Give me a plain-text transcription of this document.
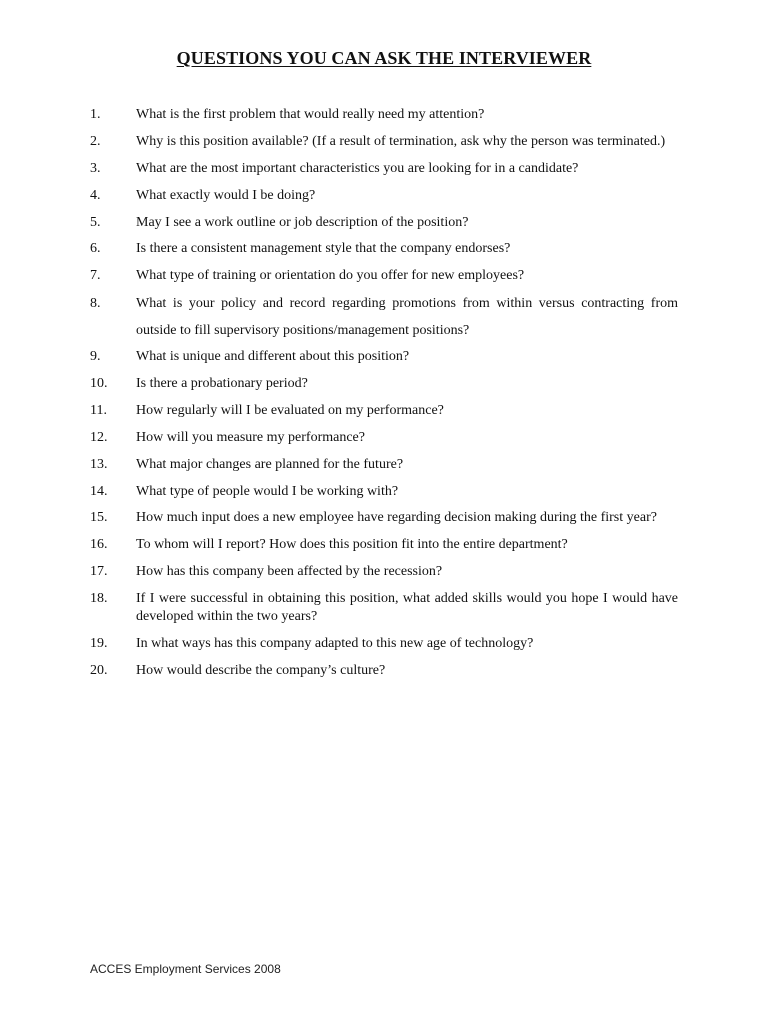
QUESTIONS YOU CAN ASK THE INTERVIEWER
1.	What is the first problem that would really need my attention?
2.	Why is this position available? (If a result of termination, ask why the person was terminated.)
3.	What are the most important characteristics you are looking for in a candidate?
4.	What exactly would I be doing?
5.	May I see a work outline or job description of the position?
6.	Is there a consistent management style that the company endorses?
7.	What type of training or orientation do you offer for new employees?
8.	What is your policy and record regarding promotions from within versus contracting from outside to fill supervisory positions/management positions?
9.	What is unique and different about this position?
10.	Is there a probationary period?
11.	How regularly will I be evaluated on my performance?
12.	How will you measure my performance?
13.	What major changes are planned for the future?
14.	What type of people would I be working with?
15.	How much input does a new employee have regarding decision making during the first year?
16.	To whom will I report? How does this position fit into the entire department?
17.	How has this company been affected by the recession?
18.	If I were successful in obtaining this position, what added skills would you hope I would have developed within the two years?
19.	In what ways has this company adapted to this new age of technology?
20.	How would describe the company’s culture?
ACCES Employment Services 2008
